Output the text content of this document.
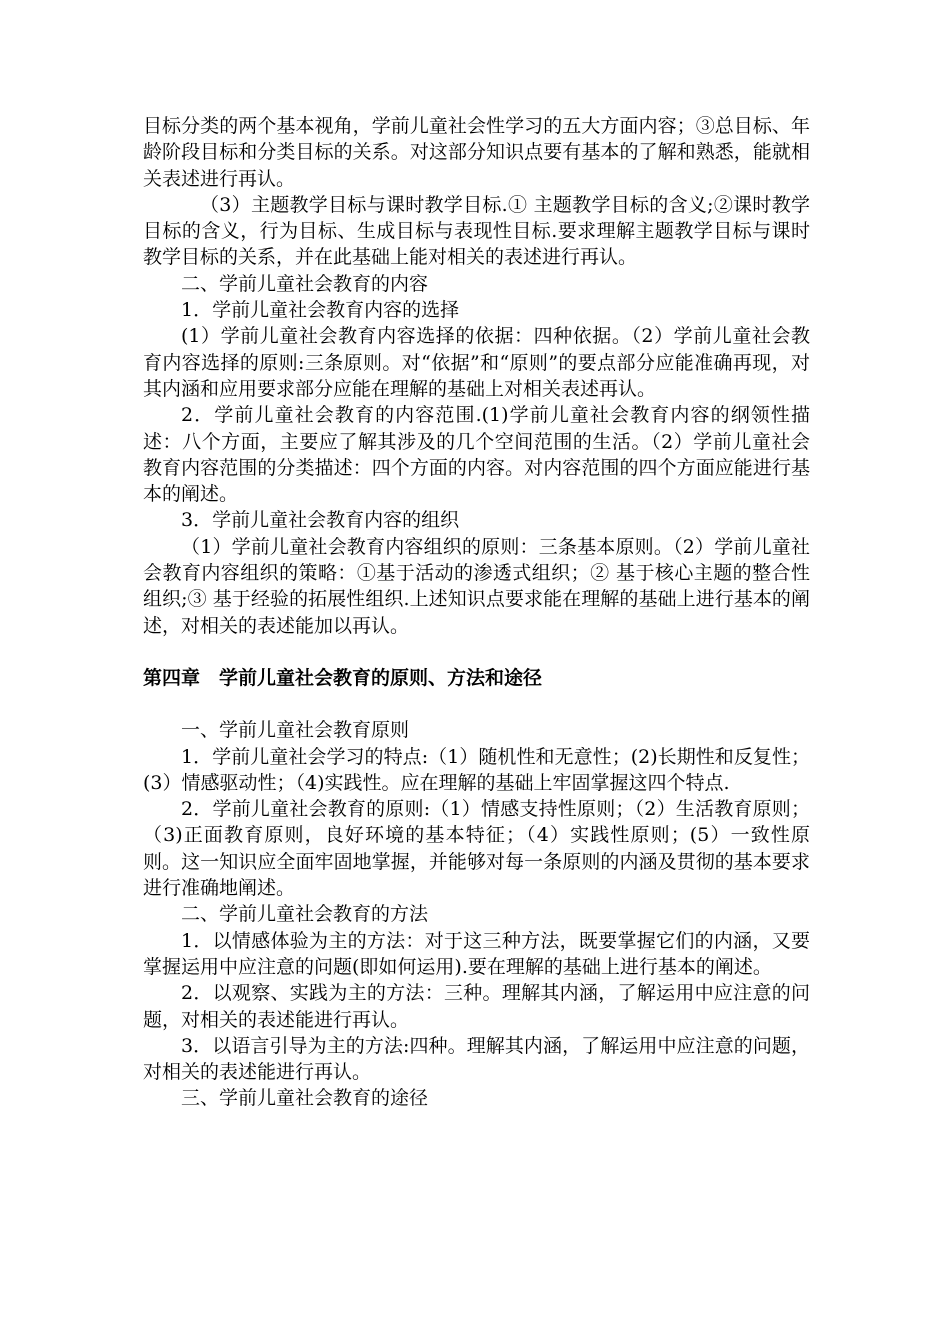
目标分类的两个基本视角，学前儿童社会性学习的五大方面内容；③总目标、年龄阶段目标和分类目标的关系。对这部分知识点要有基本的了解和熟悉，能就相关表述进行再认。

（3）主题教学目标与课时教学目标.① 主题教学目标的含义;②课时教学目标的含义，行为目标、生成目标与表现性目标.要求理解主题教学目标与课时教学目标的关系，并在此基础上能对相关的表述进行再认。

二、学前儿童社会教育的内容

1．学前儿童社会教育内容的选择

(1）学前儿童社会教育内容选择的依据：四种依据。（2）学前儿童社会教育内容选择的原则:三条原则。对“依据”和“原则”的要点部分应能准确再现，对其内涵和应用要求部分应能在理解的基础上对相关表述再认。

2．学前儿童社会教育的内容范围.(1)学前儿童社会教育内容的纲领性描述：八个方面，主要应了解其涉及的几个空间范围的生活。（2）学前儿童社会教育内容范围的分类描述：四个方面的内容。对内容范围的四个方面应能进行基本的阐述。

3．学前儿童社会教育内容的组织

（1）学前儿童社会教育内容组织的原则：三条基本原则。（2）学前儿童社会教育内容组织的策略：①基于活动的渗透式组织；② 基于核心主题的整合性组织;③ 基于经验的拓展性组织.上述知识点要求能在理解的基础上进行基本的阐述，对相关的表述能加以再认。

第四章　学前儿童社会教育的原则、方法和途径

一、学前儿童社会教育原则

1．学前儿童社会学习的特点:（1）随机性和无意性；(2)长期性和反复性；(3）情感驱动性；（4)实践性。应在理解的基础上牢固掌握这四个特点.

2．学前儿童社会教育的原则:（1）情感支持性原则；（2）生活教育原则；（3)正面教育原则，良好环境的基本特征；（4）实践性原则；(5）一致性原则。这一知识应全面牢固地掌握，并能够对每一条原则的内涵及贯彻的基本要求进行准确地阐述。

二、学前儿童社会教育的方法

1．以情感体验为主的方法：对于这三种方法，既要掌握它们的内涵，又要掌握运用中应注意的问题(即如何运用).要在理解的基础上进行基本的阐述。

2．以观察、实践为主的方法：三种。理解其内涵，了解运用中应注意的问题，对相关的表述能进行再认。

3．以语言引导为主的方法:四种。理解其内涵，了解运用中应注意的问题，对相关的表述能进行再认。

三、学前儿童社会教育的途径
